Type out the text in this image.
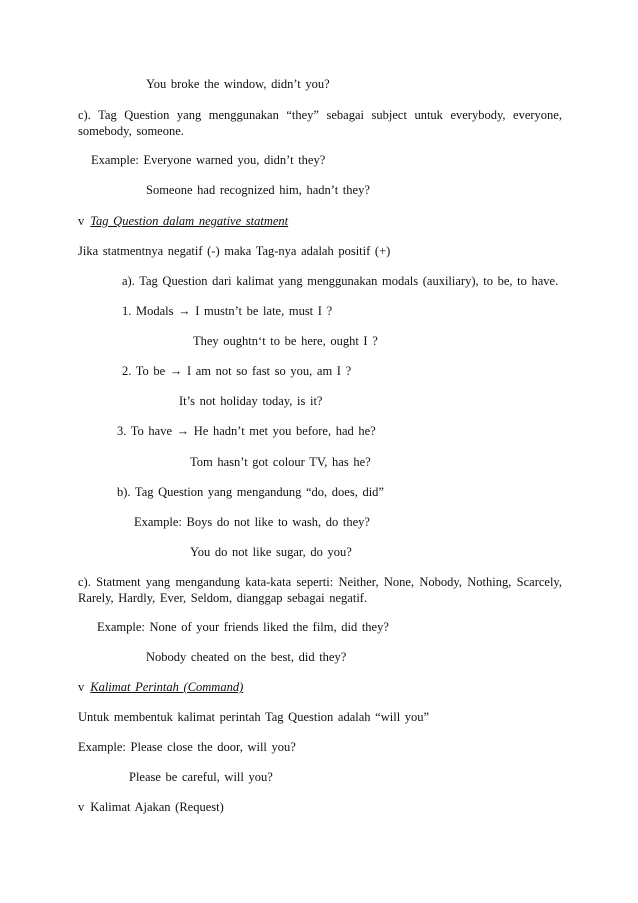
You broke the window, didn’t you?
c). Tag Question yang menggunakan “they” sebagai subject untuk everybody, everyone, somebody, someone.
Example: Everyone warned you, didn’t they?
Someone had recognized him, hadn’t they?
v Tag Question dalam negative statment
Jika statmentnya negatif (-) maka Tag-nya adalah positif (+)
a). Tag Question dari kalimat yang menggunakan modals (auxiliary), to be, to have.
1. Modals → I mustn’t be late, must I ?
They oughtn‘t to be here, ought I ?
2. To be → I am not so fast so you, am I ?
It’s not holiday today, is it?
3. To have → He hadn’t met you before, had he?
Tom hasn’t got colour TV, has he?
b). Tag Question yang mengandung “do, does, did”
Example: Boys do not like to wash, do they?
You do not like sugar, do you?
c). Statment yang mengandung kata-kata seperti: Neither, None, Nobody, Nothing, Scarcely, Rarely, Hardly, Ever, Seldom, dianggap sebagai negatif.
Example: None of your friends liked the film, did they?
Nobody cheated on the best, did they?
v Kalimat Perintah (Command)
Untuk membentuk kalimat perintah Tag Question adalah “will you”
Example: Please close the door, will you?
Please be careful, will you?
v Kalimat Ajakan (Request)
